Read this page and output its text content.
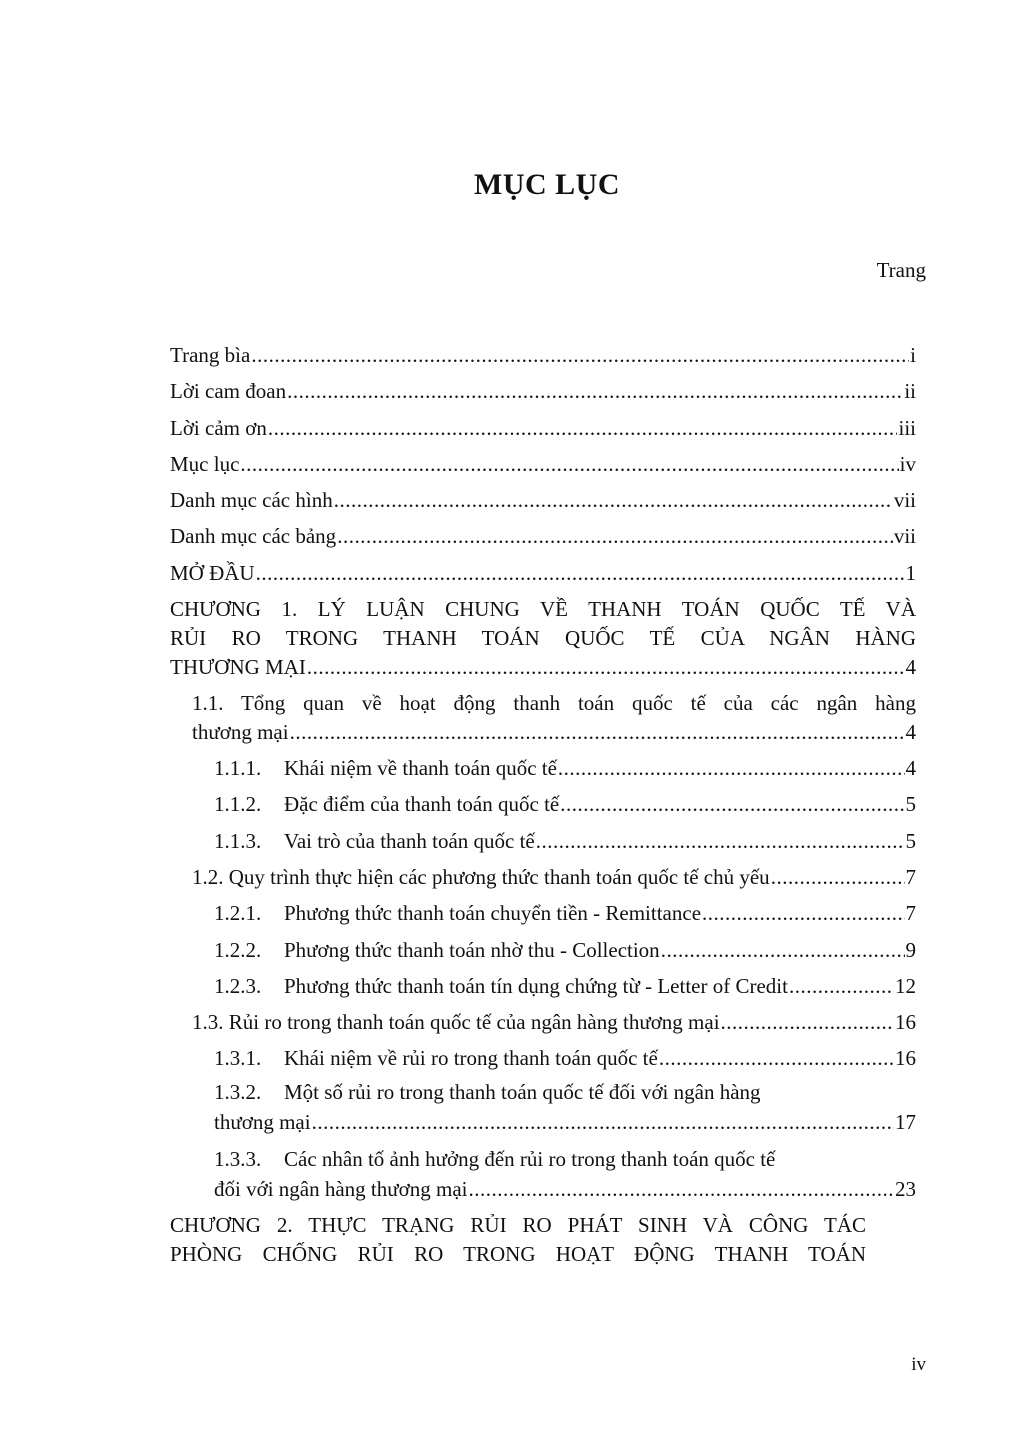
MỤC LỤC
Trang
Trang bìa .....	i
Lời cam đoan .....	ii
Lời cảm ơn .....	iii
Mục lục .....	iv
Danh mục các hình .....	vii
Danh mục các bảng .....	vii
MỞ ĐẦU .....	1
CHƯƠNG 1. LÝ LUẬN CHUNG VỀ THANH TOÁN QUỐC TẾ VÀ
RỦI RO TRONG THANH TOÁN QUỐC TẾ CỦA NGÂN HÀNG
THƯƠNG MẠI .....	4
1.1. Tổng quan về hoạt động thanh toán quốc tế của các ngân hàng
thương mại .....	4
1.1.1. Khái niệm về thanh toán quốc tế .....	4
1.1.2. Đặc điểm của thanh toán quốc tế .....	5
1.1.3. Vai trò của thanh toán quốc tế .....	5
1.2. Quy trình thực hiện các phương thức thanh toán quốc tế chủ yếu .....	7
1.2.1. Phương thức thanh toán chuyển tiền - Remittance .....	7
1.2.2. Phương thức thanh toán nhờ thu - Collection .....	9
1.2.3. Phương thức thanh toán tín dụng chứng từ - Letter of Credit .....	12
1.3. Rủi ro trong thanh toán quốc tế của ngân hàng thương mại .....	16
1.3.1. Khái niệm về rủi ro trong thanh toán quốc tế .....	16
1.3.2. Một số rủi ro trong thanh toán quốc tế đối với ngân hàng
thương mại .....	17
1.3.3. Các nhân tố ảnh hưởng đến rủi ro trong thanh toán quốc tế
đối với ngân hàng thương mại .....	23
CHƯƠNG 2. THỰC TRẠNG RỦI RO PHÁT SINH VÀ CÔNG TÁC
PHÒNG CHỐNG RỦI RO TRONG HOẠT ĐỘNG THANH TOÁN
iv
